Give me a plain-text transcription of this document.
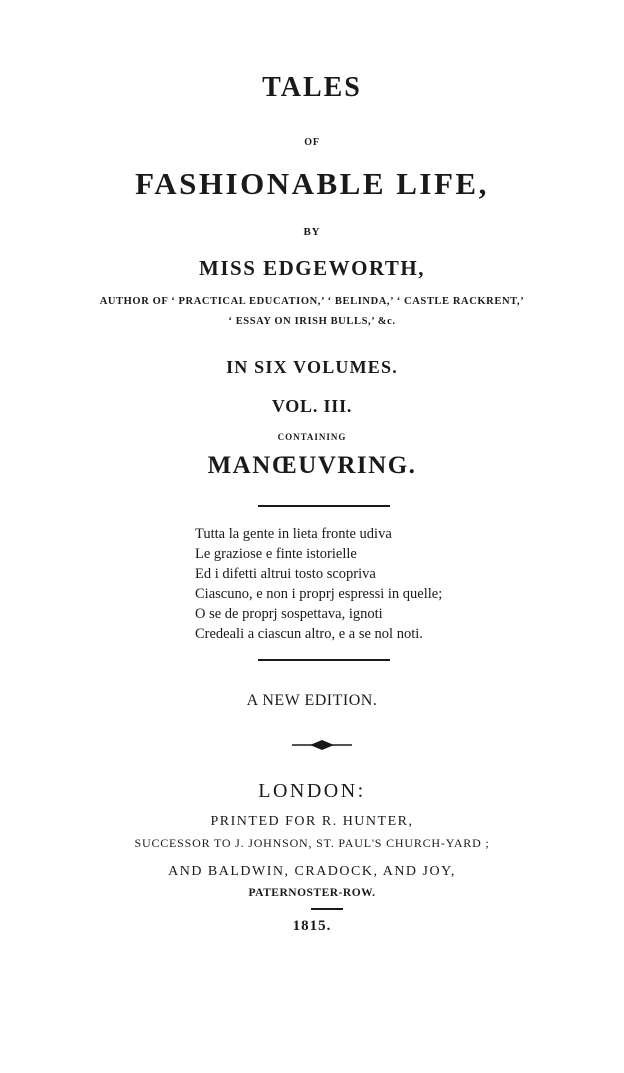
TALES
OF
FASHIONABLE LIFE,
BY
MISS EDGEWORTH,
AUTHOR OF ‘ PRACTICAL EDUCATION,’ ‘ BELINDA,’ ‘ CASTLE RACKRENT,’
‘ ESSAY ON IRISH BULLS,’ &c.
IN SIX VOLUMES.
VOL. III.
CONTAINING
MANŒUVRING.
Tutta la gente in lieta fronte udiva
Le graziose e finte istorielle
Ed i difetti altrui tosto scopriva
Ciascuno, e non i proprj espressi in quelle;
O se de proprj sospettava, ignoti
Credeali a ciascun altro, e a se nol noti.
A NEW EDITION.
LONDON:
PRINTED FOR R. HUNTER,
SUCCESSOR TO J. JOHNSON, ST. PAUL'S CHURCH-YARD ;
AND BALDWIN, CRADOCK, AND JOY,
PATERNOSTER-ROW.
1815.
